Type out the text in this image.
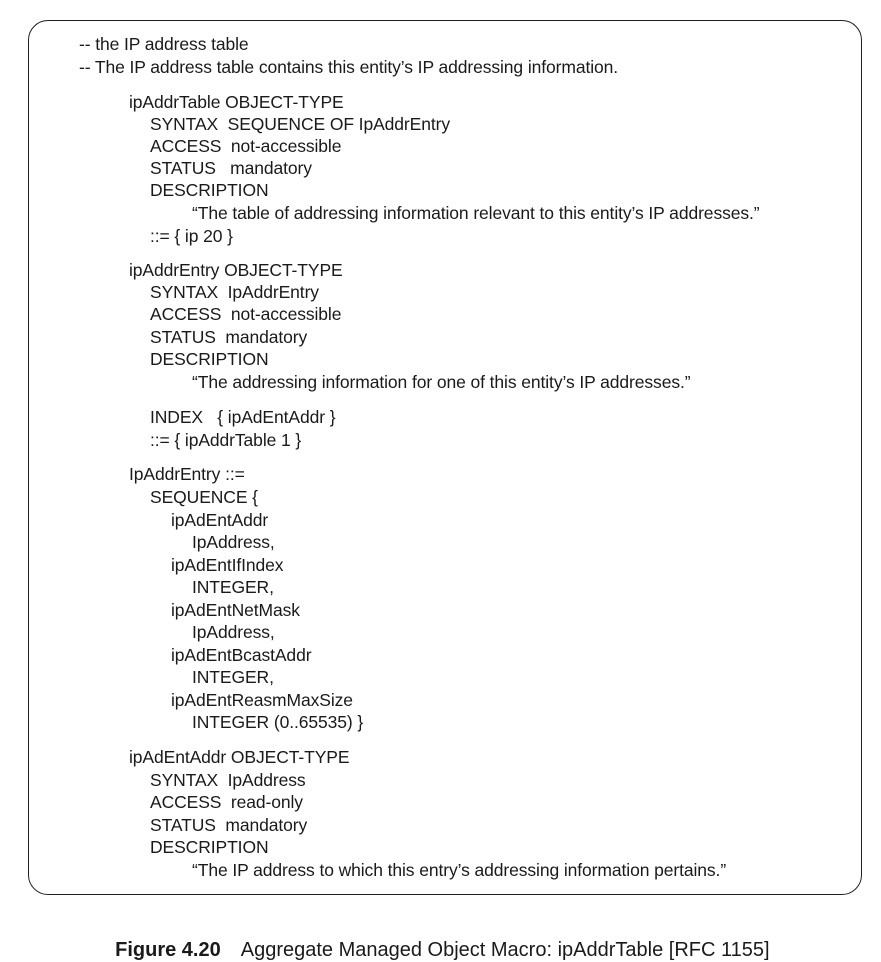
-- the IP address table
-- The IP address table contains this entity’s IP addressing information.
ipAddrTable OBJECT-TYPE
SYNTAX  SEQUENCE OF IpAddrEntry
ACCESS  not-accessible
STATUS   mandatory
DESCRIPTION
“The table of addressing information relevant to this entity’s IP addresses.”
::= { ip 20 }
ipAddrEntry OBJECT-TYPE
SYNTAX  IpAddrEntry
ACCESS  not-accessible
STATUS  mandatory
DESCRIPTION
“The addressing information for one of this entity’s IP addresses.”
INDEX   { ipAdEntAddr }
::= { ipAddrTable 1 }
IpAddrEntry ::=
SEQUENCE {
ipAdEntAddr
IpAddress,
ipAdEntIfIndex
INTEGER,
ipAdEntNetMask
IpAddress,
ipAdEntBcastAddr
INTEGER,
ipAdEntReasmMaxSize
INTEGER (0..65535) }
ipAdEntAddr OBJECT-TYPE
SYNTAX  IpAddress
ACCESS  read-only
STATUS  mandatory
DESCRIPTION
“The IP address to which this entry’s addressing information pertains.”

Figure 4.20 Aggregate Managed Object Macro: ipAddrTable [RFC 1155]
